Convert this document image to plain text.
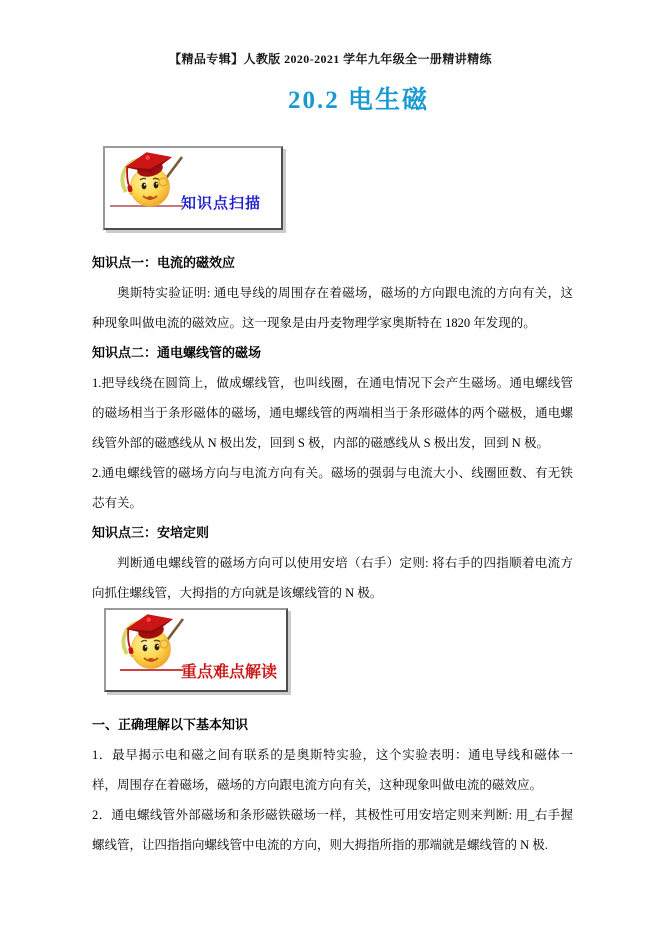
【精品专辑】人教版 2020-2021 学年九年级全一册精讲精练
20.2 电生磁
知识点扫描
知识点一：电流的磁效应

奥斯特实验证明: 通电导线的周围存在着磁场，磁场的方向跟电流的方向有关，这种现象叫做电流的磁效应。这一现象是由丹麦物理学家奥斯特在 1820 年发现的。

知识点二：通电螺线管的磁场

1.把导线绕在圆筒上，做成螺线管，也叫线圈，在通电情况下会产生磁场。通电螺线管的磁场相当于条形磁体的磁场，通电螺线管的两端相当于条形磁体的两个磁极，通电螺线管外部的磁感线从 N 极出发，回到 S 极，内部的磁感线从 S 极出发，回到 N 极。

2.通电螺线管的磁场方向与电流方向有关。磁场的强弱与电流大小、线圈匝数、有无铁芯有关。

知识点三：安培定则

判断通电螺线管的磁场方向可以使用安培（右手）定则: 将右手的四指顺着电流方向抓住螺线管，大拇指的方向就是该螺线管的 N 极。

重点难点解读
一、正确理解以下基本知识

1．最早揭示电和磁之间有联系的是奥斯特实验，这个实验表明：通电导线和磁体一样，周围存在着磁场，磁场的方向跟电流方向有关，这种现象叫做电流的磁效应。

2．通电螺线管外部磁场和条形磁铁磁场一样，其极性可用安培定则来判断: 用_右手握螺线管，让四指指向螺线管中电流的方向，则大拇指所指的那端就是螺线管的 N 极.
